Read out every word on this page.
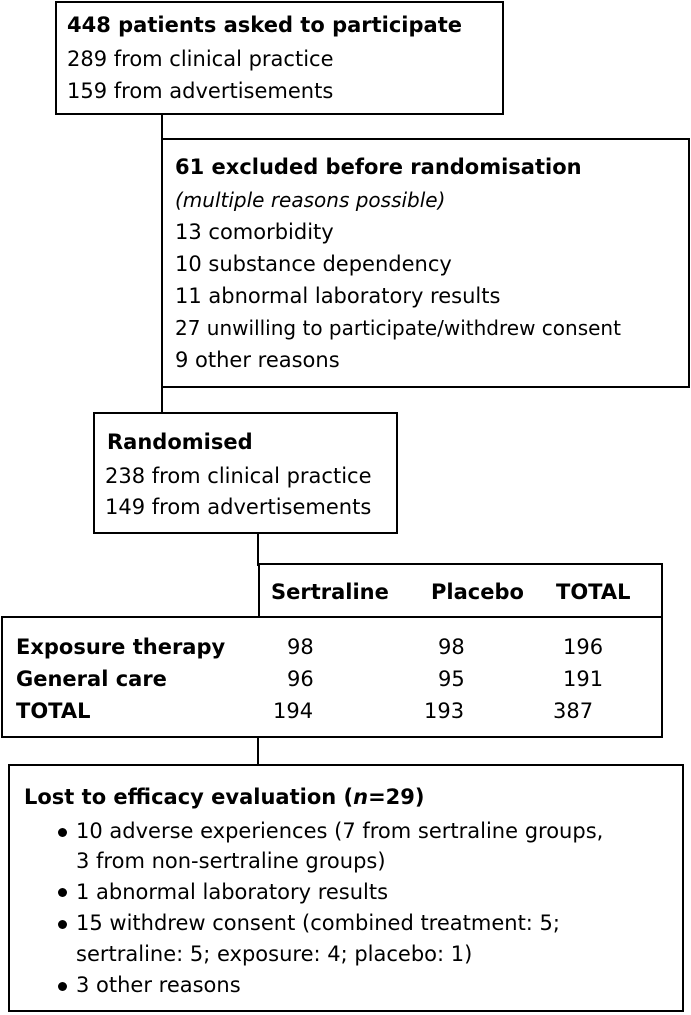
448 patients asked to participate
289 from clinical practice
159 from advertisements
61 excluded before randomisation
(multiple reasons possible)
13 comorbidity
10 substance dependency
11 abnormal laboratory results
27 unwilling to participate/withdrew consent
9 other reasons
Randomised
238 from clinical practice
149 from advertisements
Sertraline Placebo TOTAL
Exposure therapy	98	98	196
General care	96	95	191
TOTAL	194	193	387
Lost to efficacy evaluation (n=29)
10 adverse experiences (7 from sertraline groups,
3 from non-sertraline groups)
1 abnormal laboratory results
15 withdrew consent (combined treatment: 5;
sertraline: 5; exposure: 4; placebo: 1)
3 other reasons
